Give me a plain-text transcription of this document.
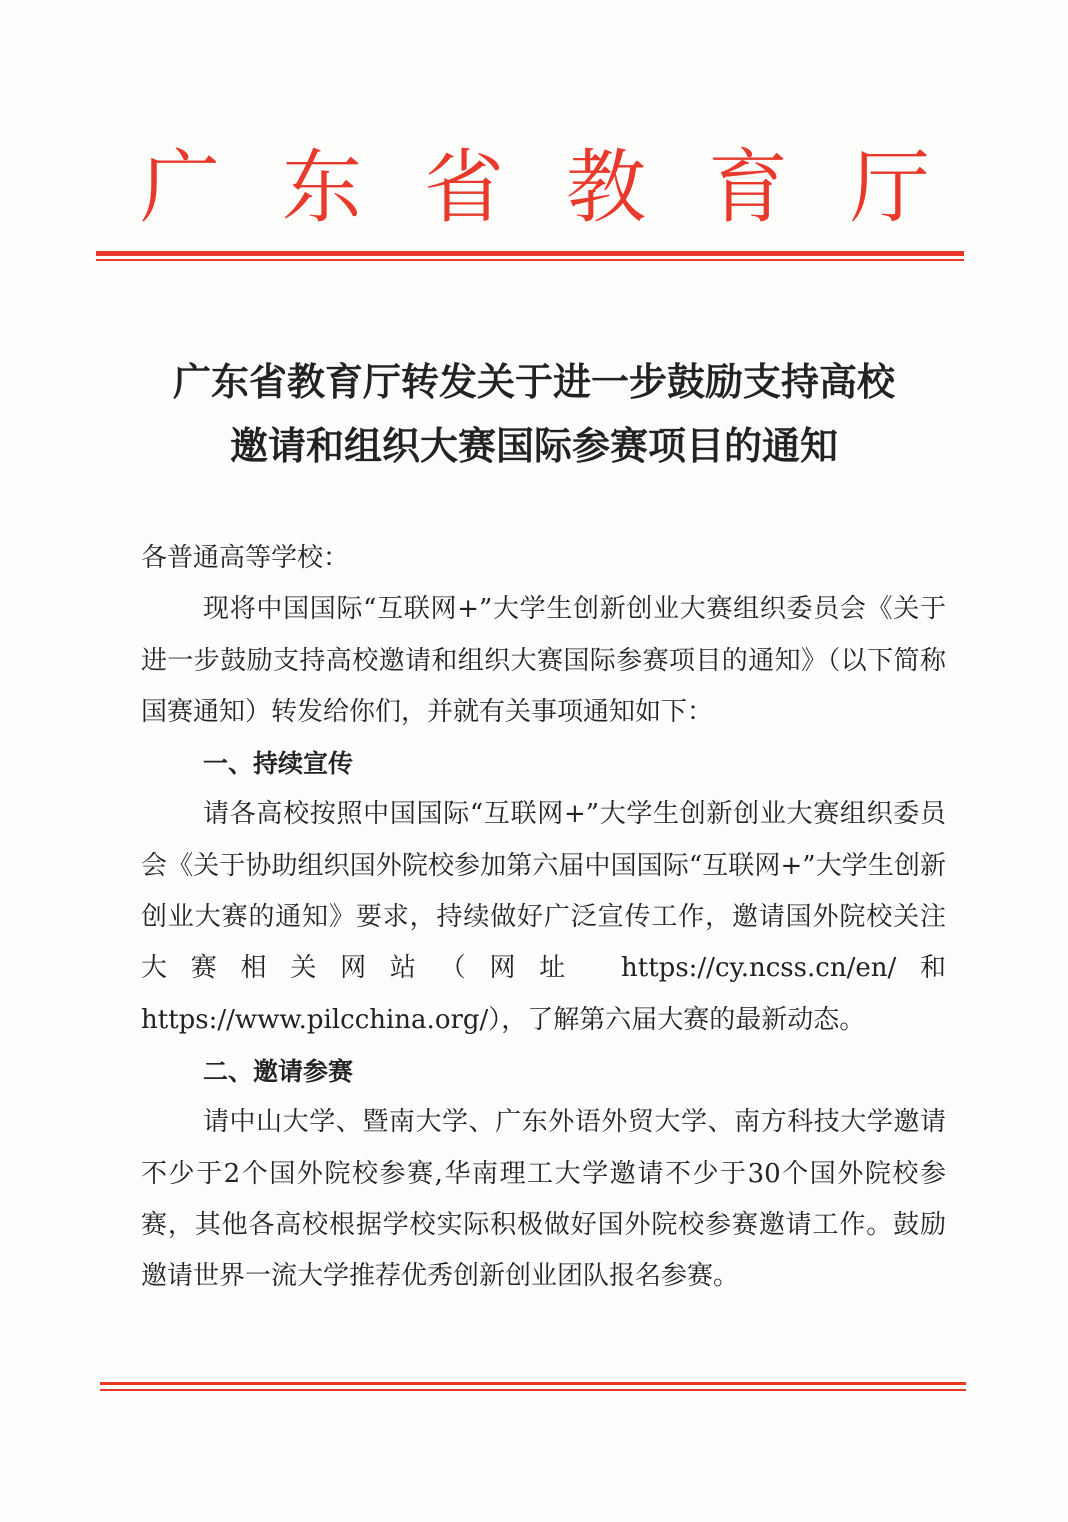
广 东 省 教 育 厅
广东省教育厅转发关于进一步鼓励支持高校
邀请和组织大赛国际参赛项目的通知

各普通高等学校：

现将中国国际“互联网+”大学生创新创业大赛组织委员会《关于进一步鼓励支持高校邀请和组织大赛国际参赛项目的通知》（以下简称国赛通知）转发给你们，并就有关事项通知如下：

一、持续宣传

请各高校按照中国国际“互联网+”大学生创新创业大赛组织委员会《关于协助组织国外院校参加第六届中国国际“互联网+”大学生创新创业大赛的通知》要求，持续做好广泛宣传工作，邀请国外院校关注大赛相关网站（网址 https://cy.ncss.cn/en/和https://www.pilcchina.org/），了解第六届大赛的最新动态。

二、邀请参赛

请中山大学、暨南大学、广东外语外贸大学、南方科技大学邀请不少于2个国外院校参赛,华南理工大学邀请不少于30个国外院校参赛，其他各高校根据学校实际积极做好国外院校参赛邀请工作。鼓励邀请世界一流大学推荐优秀创新创业团队报名参赛。
